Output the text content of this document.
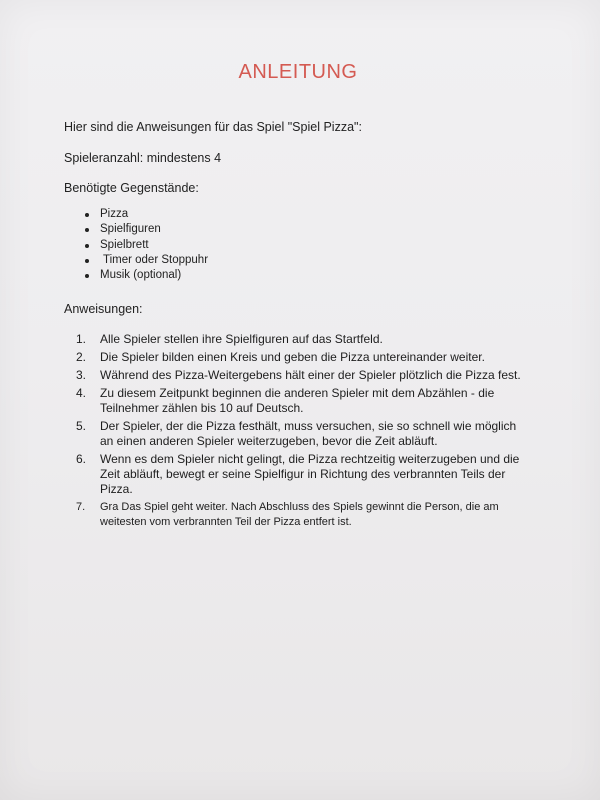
ANLEITUNG
Hier sind die Anweisungen für das Spiel "Spiel Pizza":
Spieleranzahl: mindestens 4
Benötigte Gegenstände:
Pizza
Spielfiguren
Spielbrett
Timer oder Stoppuhr
Musik (optional)
Anweisungen:
1. Alle Spieler stellen ihre Spielfiguren auf das Startfeld.
2. Die Spieler bilden einen Kreis und geben die Pizza untereinander weiter.
3. Während des Pizza-Weitergebens hält einer der Spieler plötzlich die Pizza fest.
4. Zu diesem Zeitpunkt beginnen die anderen Spieler mit dem Abzählen - die Teilnehmer zählen bis 10 auf Deutsch.
5. Der Spieler, der die Pizza festhält, muss versuchen, sie so schnell wie möglich an einen anderen Spieler weiterzugeben, bevor die Zeit abläuft.
6. Wenn es dem Spieler nicht gelingt, die Pizza rechtzeitig weiterzugeben und die Zeit abläuft, bewegt er seine Spielfigur in Richtung des verbrannten Teils der Pizza.
7. Gra Das Spiel geht weiter. Nach Abschluss des Spiels gewinnt die Person, die am weitesten vom verbrannten Teil der Pizza entfert ist.
